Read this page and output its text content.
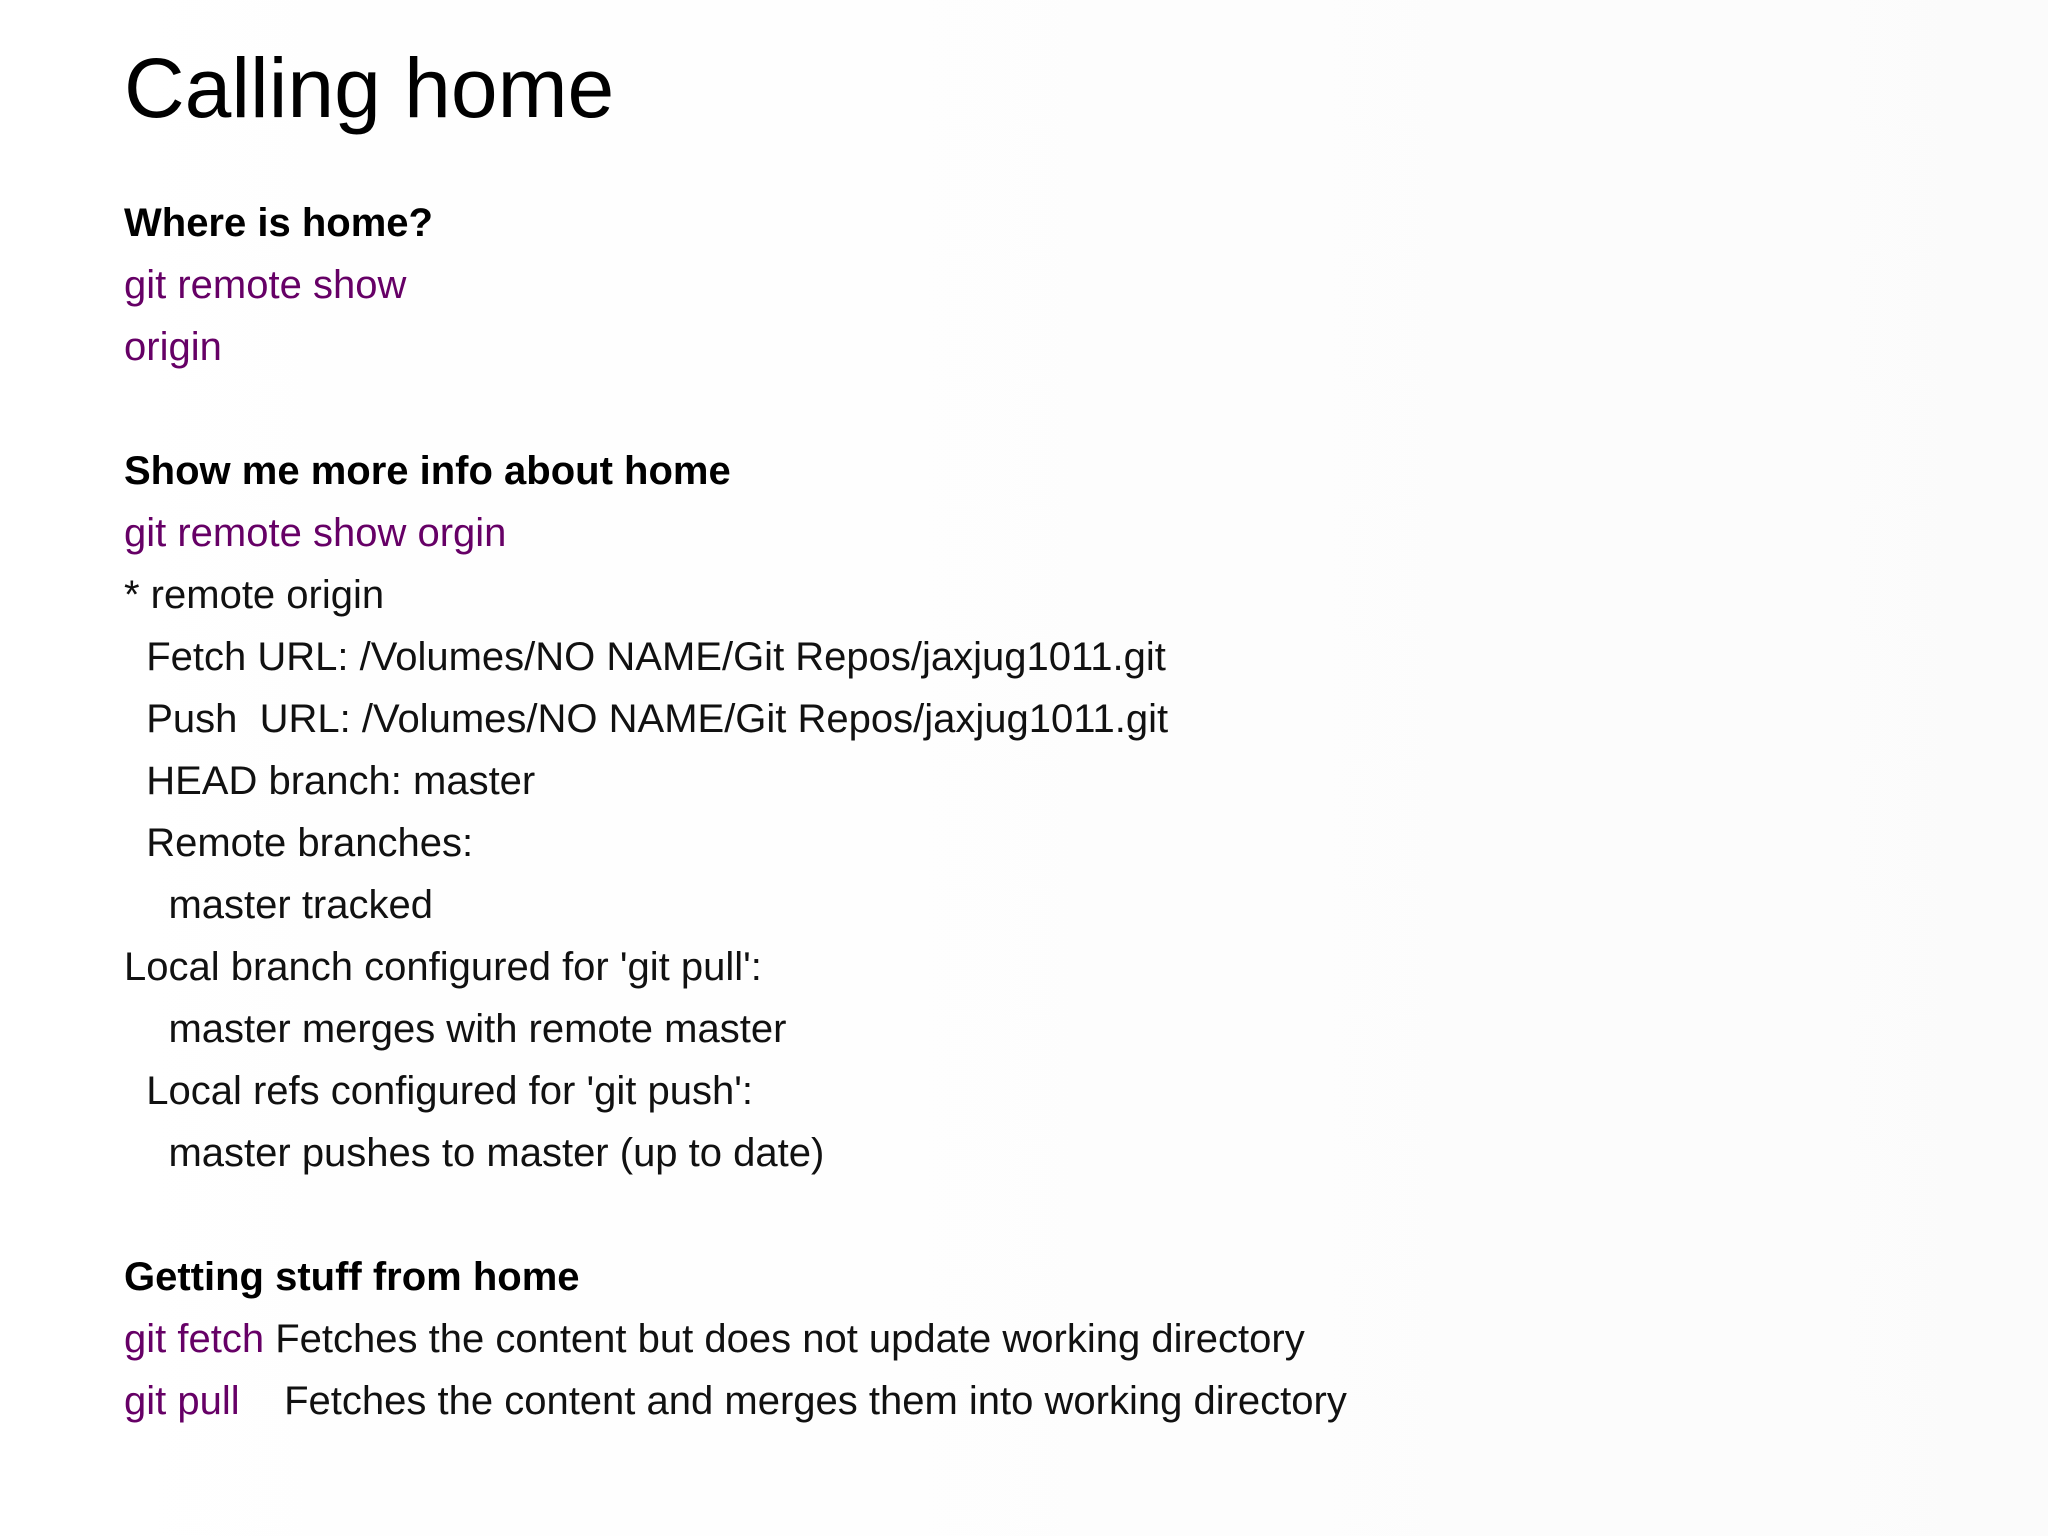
Calling home
Where is home?
git remote show
origin
Show me more info about home
git remote show orgin
* remote origin
Fetch URL: /Volumes/NO NAME/Git Repos/jaxjug1011.git
Push  URL: /Volumes/NO NAME/Git Repos/jaxjug1011.git
HEAD branch: master
Remote branches:
master tracked
Local branch configured for 'git pull':
master merges with remote master
Local refs configured for 'git push':
master pushes to master (up to date)
Getting stuff from home
git fetch Fetches the content but does not update working directory
git pull    Fetches the content and merges them into working directory
